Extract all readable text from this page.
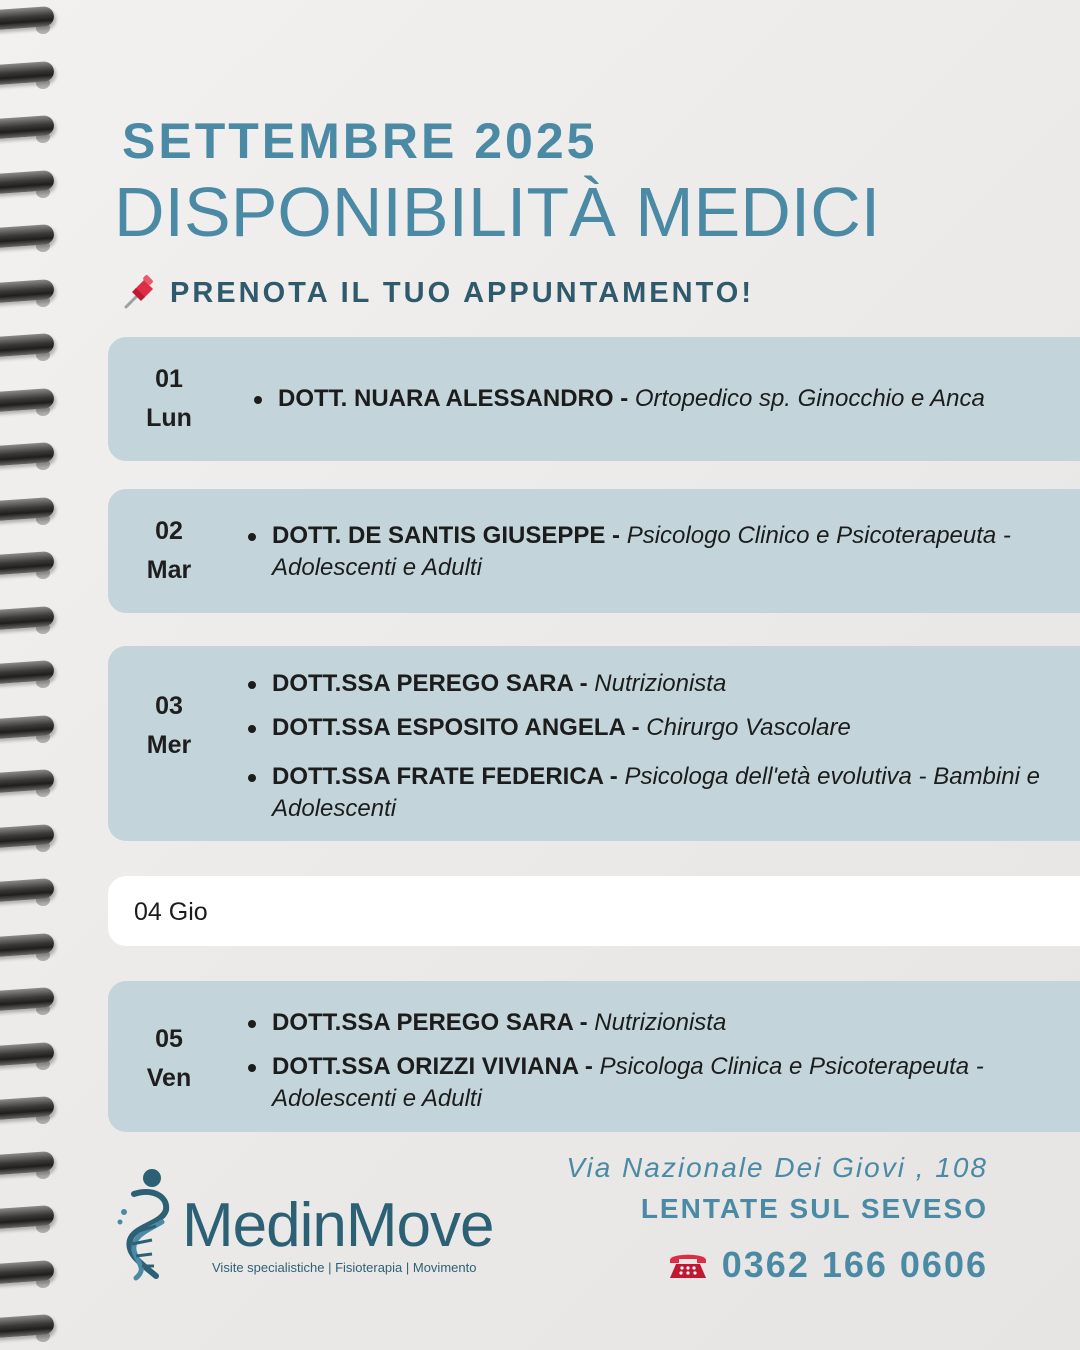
SETTEMBRE 2025
DISPONIBILITÀ MEDICI
PRENOTA IL TUO APPUNTAMENTO!
01
Lun
DOTT. NUARA ALESSANDRO - Ortopedico sp. Ginocchio e Anca
02
Mar
DOTT. DE SANTIS GIUSEPPE - Psicologo Clinico e Psicoterapeuta - Adolescenti e Adulti
03
Mer
DOTT.SSA PEREGO SARA - Nutrizionista
DOTT.SSA ESPOSITO ANGELA - Chirurgo Vascolare
DOTT.SSA FRATE FEDERICA - Psicologa dell'età evolutiva - Bambini e Adolescenti
04 Gio
05
Ven
DOTT.SSA PEREGO SARA - Nutrizionista
DOTT.SSA ORIZZI VIVIANA - Psicologa Clinica e Psicoterapeuta - Adolescenti e Adulti
MedinMove
Visite specialistiche | Fisioterapia | Movimento
Via Nazionale Dei Giovi , 108
LENTATE SUL SEVESO
0362 166 0606
